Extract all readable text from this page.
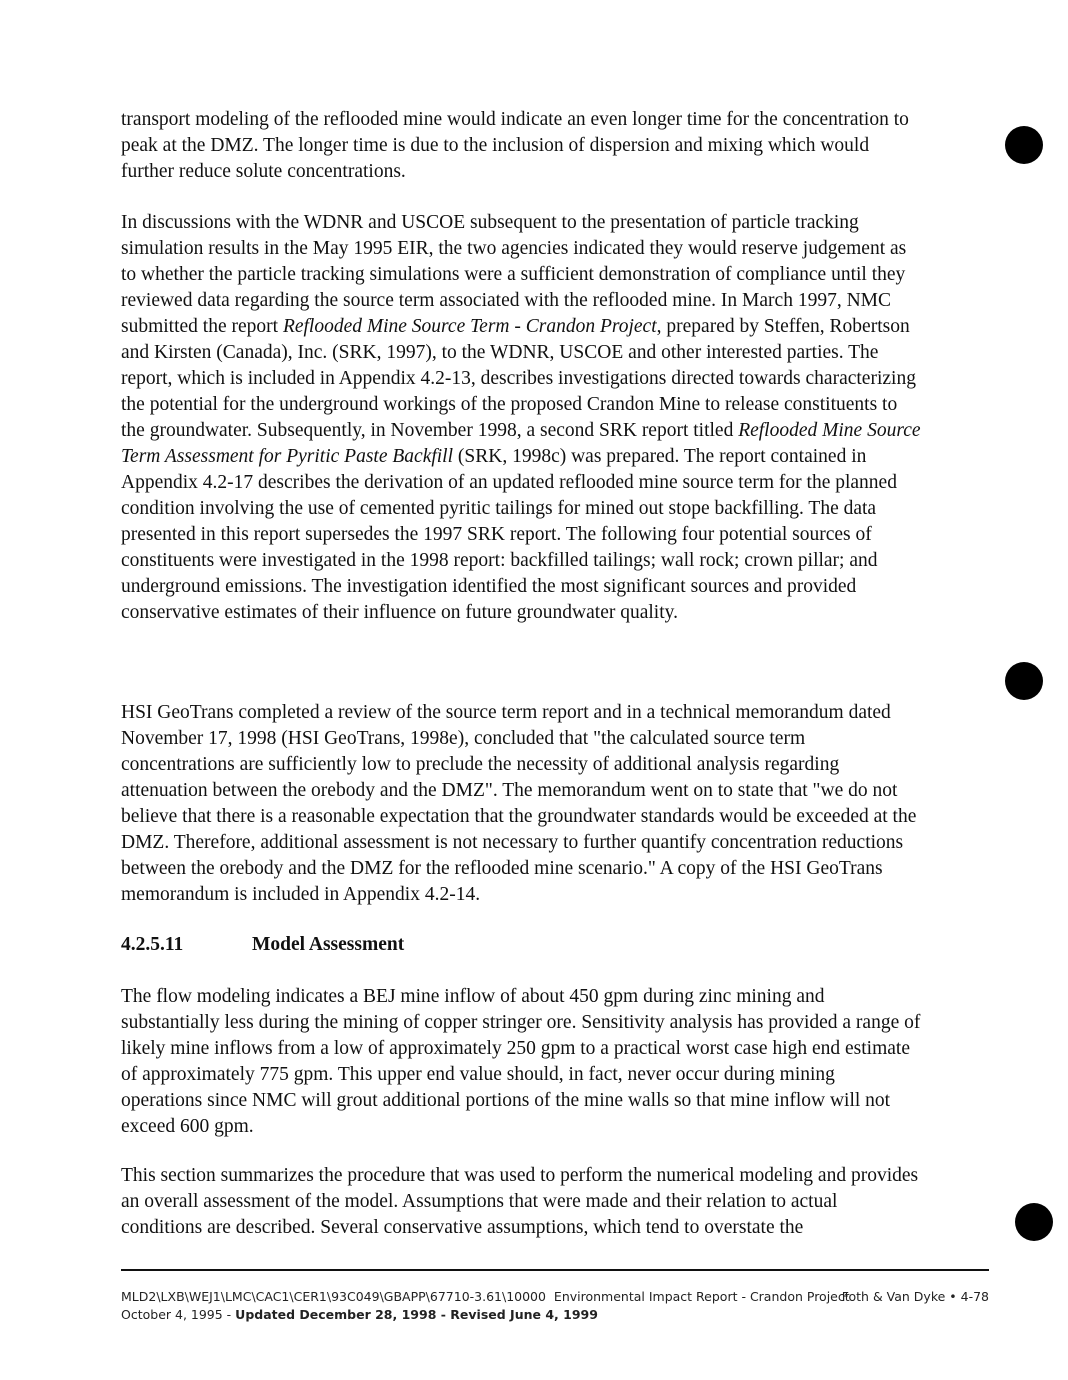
transport modeling of the reflooded mine would indicate an even longer time for the concentration to peak at the DMZ. The longer time is due to the inclusion of dispersion and mixing which would further reduce solute concentrations.

In discussions with the WDNR and USCOE subsequent to the presentation of particle tracking simulation results in the May 1995 EIR, the two agencies indicated they would reserve judgement as to whether the particle tracking simulations were a sufficient demonstration of compliance until they reviewed data regarding the source term associated with the reflooded mine. In March 1997, NMC submitted the report Reflooded Mine Source Term - Crandon Project, prepared by Steffen, Robertson and Kirsten (Canada), Inc. (SRK, 1997), to the WDNR, USCOE and other interested parties. The report, which is included in Appendix 4.2-13, describes investigations directed towards characterizing the potential for the underground workings of the proposed Crandon Mine to release constituents to the groundwater. Subsequently, in November 1998, a second SRK report titled Reflooded Mine Source Term Assessment for Pyritic Paste Backfill (SRK, 1998c) was prepared. The report contained in Appendix 4.2-17 describes the derivation of an updated reflooded mine source term for the planned condition involving the use of cemented pyritic tailings for mined out stope backfilling. The data presented in this report supersedes the 1997 SRK report. The following four potential sources of constituents were investigated in the 1998 report: backfilled tailings; wall rock; crown pillar; and underground emissions. The investigation identified the most significant sources and provided conservative estimates of their influence on future groundwater quality.

HSI GeoTrans completed a review of the source term report and in a technical memorandum dated November 17, 1998 (HSI GeoTrans, 1998e), concluded that "the calculated source term concentrations are sufficiently low to preclude the necessity of additional analysis regarding attenuation between the orebody and the DMZ". The memorandum went on to state that "we do not believe that there is a reasonable expectation that the groundwater standards would be exceeded at the DMZ. Therefore, additional assessment is not necessary to further quantify concentration reductions between the orebody and the DMZ for the reflooded mine scenario." A copy of the HSI GeoTrans memorandum is included in Appendix 4.2-14.

4.2.5.11	Model Assessment

The flow modeling indicates a BEJ mine inflow of about 450 gpm during zinc mining and substantially less during the mining of copper stringer ore. Sensitivity analysis has provided a range of likely mine inflows from a low of approximately 250 gpm to a practical worst case high end estimate of approximately 775 gpm. This upper end value should, in fact, never occur during mining operations since NMC will grout additional portions of the mine walls so that mine inflow will not exceed 600 gpm.

This section summarizes the procedure that was used to perform the numerical modeling and provides an overall assessment of the model. Assumptions that were made and their relation to actual conditions are described. Several conservative assumptions, which tend to overstate the

MLD2\LXB\WEJ1\LMC\CAC1\CER1\93C049\GBAPP\67710-3.61\10000 Environmental Impact Report - Crandon Project
Foth & Van Dyke • 4-78
October 4, 1995 - Updated December 28, 1998 - Revised June 4, 1999
